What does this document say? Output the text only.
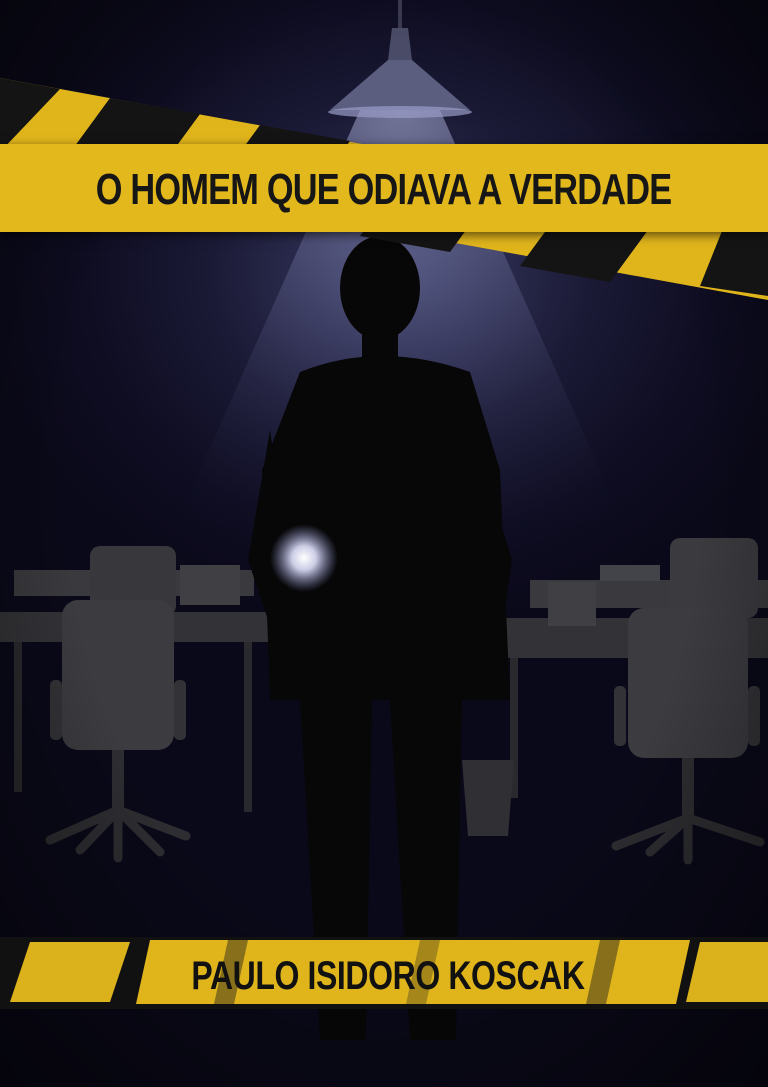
O HOMEM QUE ODIAVA A VERDADE

PAULO ISIDORO KOSCAK
